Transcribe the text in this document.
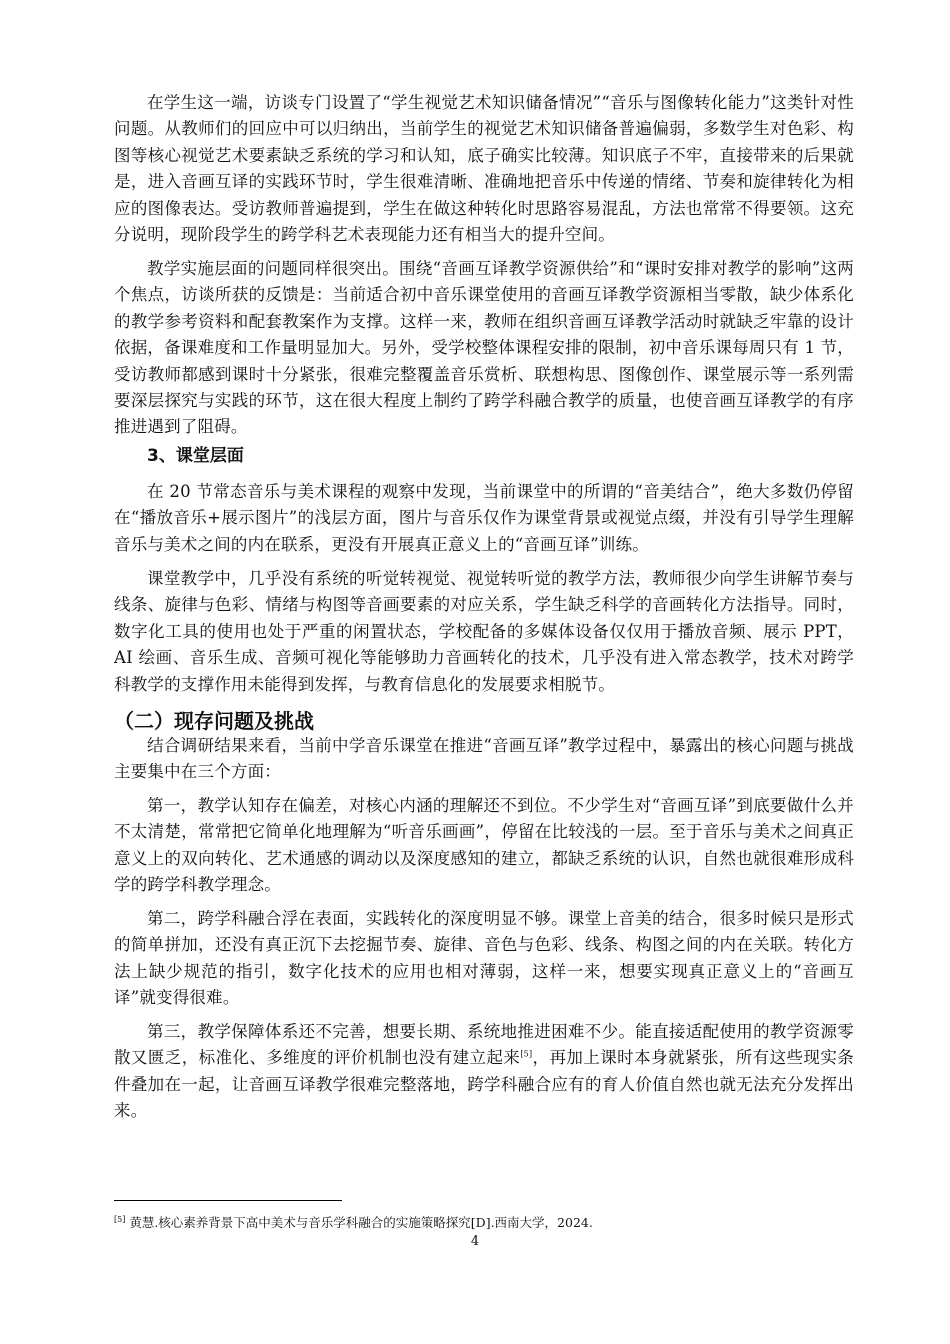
在学生这一端，访谈专门设置了“学生视觉艺术知识储备情况”“音乐与图像转化能力”这类针对性问题。从教师们的回应中可以归纳出，当前学生的视觉艺术知识储备普遍偏弱，多数学生对色彩、构图等核心视觉艺术要素缺乏系统的学习和认知，底子确实比较薄。知识底子不牢，直接带来的后果就是，进入音画互译的实践环节时，学生很难清晰、准确地把音乐中传递的情绪、节奏和旋律转化为相应的图像表达。受访教师普遍提到，学生在做这种转化时思路容易混乱，方法也常常不得要领。这充分说明，现阶段学生的跨学科艺术表现能力还有相当大的提升空间。

教学实施层面的问题同样很突出。围绕“音画互译教学资源供给”和“课时安排对教学的影响”这两个焦点，访谈所获的反馈是：当前适合初中音乐课堂使用的音画互译教学资源相当零散，缺少体系化的教学参考资料和配套教案作为支撑。这样一来，教师在组织音画互译教学活动时就缺乏牢靠的设计依据，备课难度和工作量明显加大。另外，受学校整体课程安排的限制，初中音乐课每周只有 1 节，受访教师都感到课时十分紧张，很难完整覆盖音乐赏析、联想构思、图像创作、课堂展示等一系列需要深层探究与实践的环节，这在很大程度上制约了跨学科融合教学的质量，也使音画互译教学的有序推进遇到了阻碍。

3、课堂层面

在 20 节常态音乐与美术课程的观察中发现，当前课堂中的所谓的“音美结合”，绝大多数仍停留在“播放音乐+展示图片”的浅层方面，图片与音乐仅作为课堂背景或视觉点缀，并没有引导学生理解音乐与美术之间的内在联系，更没有开展真正意义上的“音画互译”训练。

课堂教学中，几乎没有系统的听觉转视觉、视觉转听觉的教学方法，教师很少向学生讲解节奏与线条、旋律与色彩、情绪与构图等音画要素的对应关系，学生缺乏科学的音画转化方法指导。同时，数字化工具的使用也处于严重的闲置状态，学校配备的多媒体设备仅仅用于播放音频、展示 PPT，AI 绘画、音乐生成、音频可视化等能够助力音画转化的技术，几乎没有进入常态教学，技术对跨学科教学的支撑作用未能得到发挥，与教育信息化的发展要求相脱节。

（二）现存问题及挑战

结合调研结果来看，当前中学音乐课堂在推进“音画互译”教学过程中，暴露出的核心问题与挑战主要集中在三个方面：

第一，教学认知存在偏差，对核心内涵的理解还不到位。不少学生对“音画互译”到底要做什么并不太清楚，常常把它简单化地理解为“听音乐画画”，停留在比较浅的一层。至于音乐与美术之间真正意义上的双向转化、艺术通感的调动以及深度感知的建立，都缺乏系统的认识，自然也就很难形成科学的跨学科教学理念。

第二，跨学科融合浮在表面，实践转化的深度明显不够。课堂上音美的结合，很多时候只是形式的简单拼加，还没有真正沉下去挖掘节奏、旋律、音色与色彩、线条、构图之间的内在关联。转化方法上缺少规范的指引，数字化技术的应用也相对薄弱，这样一来，想要实现真正意义上的“音画互译”就变得很难。

第三，教学保障体系还不完善，想要长期、系统地推进困难不少。能直接适配使用的教学资源零散又匮乏，标准化、多维度的评价机制也没有建立起来[5]，再加上课时本身就紧张，所有这些现实条件叠加在一起，让音画互译教学很难完整落地，跨学科融合应有的育人价值自然也就无法充分发挥出来。

[5] 黄慧.核心素养背景下高中美术与音乐学科融合的实施策略探究[D].西南大学，2024.

4
